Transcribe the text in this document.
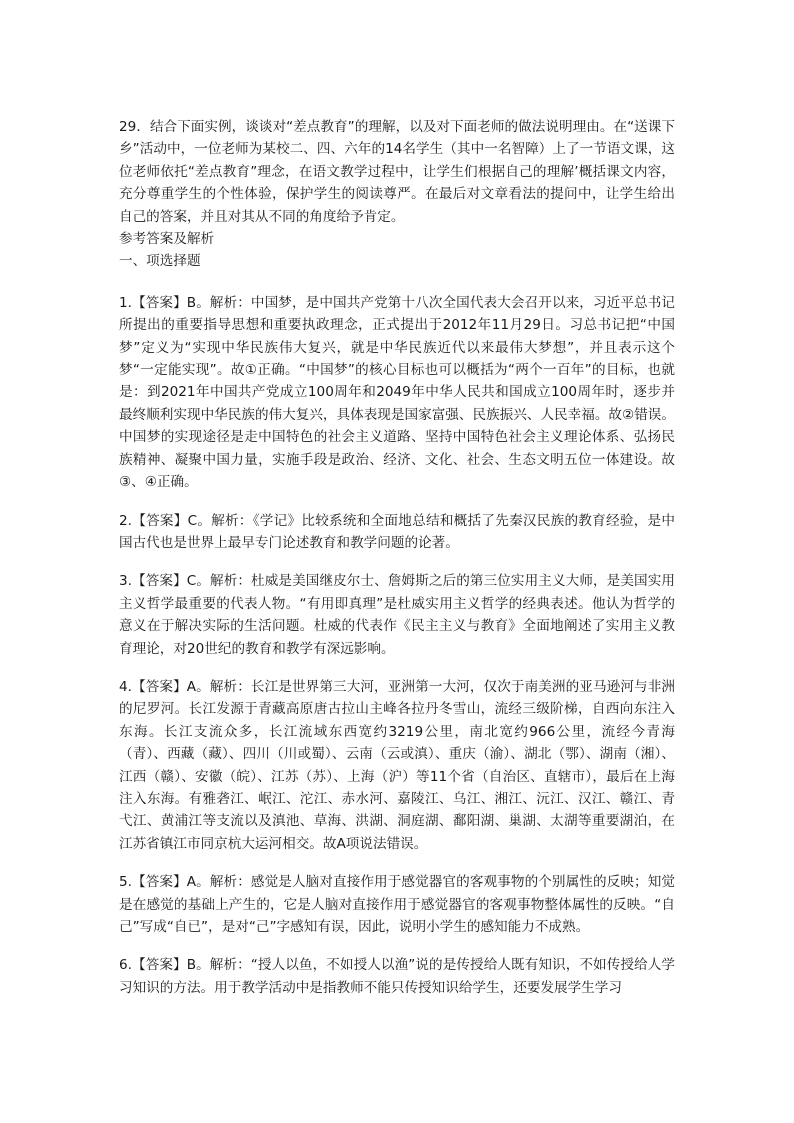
29．结合下面实例，谈谈对“差点教育”的理解，以及对下面老师的做法说明理由。在“送课下乡”活动中，一位老师为某校二、四、六年的14名学生（其中一名智障）上了一节语文课，这位老师依托“差点教育”理念，在语文教学过程中，让学生们根据自己的理解’概括课文内容，充分尊重学生的个性体验，保护学生的阅读尊严。在最后对文章看法的提问中，让学生给出自己的答案，并且对其从不同的角度给予肯定。

参考答案及解析

一、项选择题

1.【答案】B。解析：中国梦，是中国共产党第十八次全国代表大会召开以来，习近平总书记所提出的重要指导思想和重要执政理念，正式提出于2012年11月29日。习总书记把“中国梦”定义为“实现中华民族伟大复兴，就是中华民族近代以来最伟大梦想”，并且表示这个梦“一定能实现”。故①正确。“中国梦”的核心目标也可以概括为“两个一百年”的目标，也就是：到2021年中国共产党成立100周年和2049年中华人民共和国成立100周年时，逐步并最终顺利实现中华民族的伟大复兴，具体表现是国家富强、民族振兴、人民幸福。故②错误。中国梦的实现途径是走中国特色的社会主义道路、坚持中国特色社会主义理论体系、弘扬民族精神、凝聚中国力量，实施手段是政治、经济、文化、社会、生态文明五位一体建设。故③、④正确。

2.【答案】C。解析：《学记》比较系统和全面地总结和概括了先秦汉民族的教育经验，是中国古代也是世界上最早专门论述教育和教学问题的论著。

3.【答案】C。解析：杜威是美国继皮尔士、詹姆斯之后的第三位实用主义大师，是美国实用主义哲学最重要的代表人物。“有用即真理”是杜威实用主义哲学的经典表述。他认为哲学的意义在于解决实际的生活问题。杜威的代表作《民主主义与教育》全面地阐述了实用主义教育理论，对20世纪的教育和教学有深远影响。

4.【答案】A。解析：长江是世界第三大河，亚洲第一大河，仅次于南美洲的亚马逊河与非洲的尼罗河。长江发源于青藏高原唐古拉山主峰各拉丹冬雪山，流经三级阶梯，自西向东注入东海。长江支流众多，长江流域东西宽约3219公里，南北宽约966公里，流经今青海（青）、西藏（藏）、四川（川或蜀）、云南（云或滇）、重庆（渝）、湖北（鄂）、湖南（湘）、江西（赣）、安徽（皖）、江苏（苏）、上海（沪）等11个省（自治区、直辖市），最后在上海注入东海。有雅砻江、岷江、沱江、赤水河、嘉陵江、乌江、湘江、沅江、汉江、赣江、青弋江、黄浦江等支流以及滇池、草海、洪湖、洞庭湖、鄱阳湖、巢湖、太湖等重要湖泊，在江苏省镇江市同京杭大运河相交。故A项说法错误。

5.【答案】A。解析：感觉是人脑对直接作用于感觉器官的客观事物的个别属性的反映；知觉是在感觉的基础上产生的，它是人脑对直接作用于感觉器官的客观事物整体属性的反映。“自己”写成“自已”，是对“己”字感知有误，因此，说明小学生的感知能力不成熟。

6.【答案】B。解析：“授人以鱼，不如授人以渔”说的是传授给人既有知识，不如传授给人学习知识的方法。用于教学活动中是指教师不能只传授知识给学生，还要发展学生学习
